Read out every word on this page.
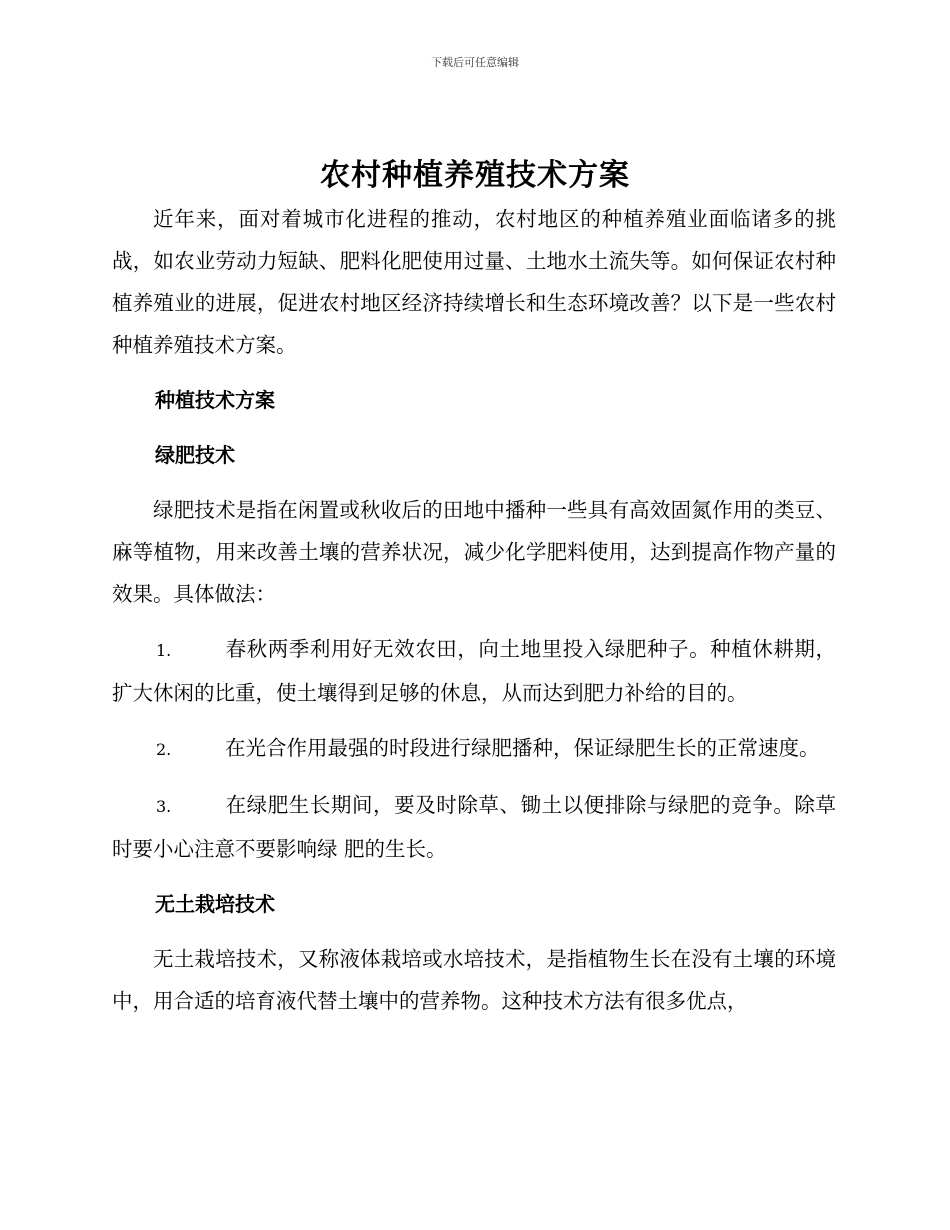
下载后可任意编辑
农村种植养殖技术方案

近年来，面对着城市化进程的推动，农村地区的种植养殖业面临诸多的挑战，如农业劳动力短缺、肥料化肥使用过量、土地水土流失等。如何保证农村种植养殖业的进展，促进农村地区经济持续增长和生态环境改善？以下是一些农村种植养殖技术方案。

种植技术方案
绿肥技术

绿肥技术是指在闲置或秋收后的田地中播种一些具有高效固氮作用的类豆、麻等植物，用来改善土壤的营养状况，减少化学肥料使用，达到提高作物产量的效果。具体做法：

1.	春秋两季利用好无效农田，向土地里投入绿肥种子。种植休耕期，扩大休闲的比重，使土壤得到足够的休息，从而达到肥力补给的目的。
2.	在光合作用最强的时段进行绿肥播种，保证绿肥生长的正常速度。
3.	在绿肥生长期间，要及时除草、锄土以便排除与绿肥的竞争。除草时要小心注意不要影响绿 肥的生长。
无土栽培技术

无土栽培技术，又称液体栽培或水培技术，是指植物生长在没有土壤的环境中，用合适的培育液代替土壤中的营养物。这种技术方法有很多优点，
